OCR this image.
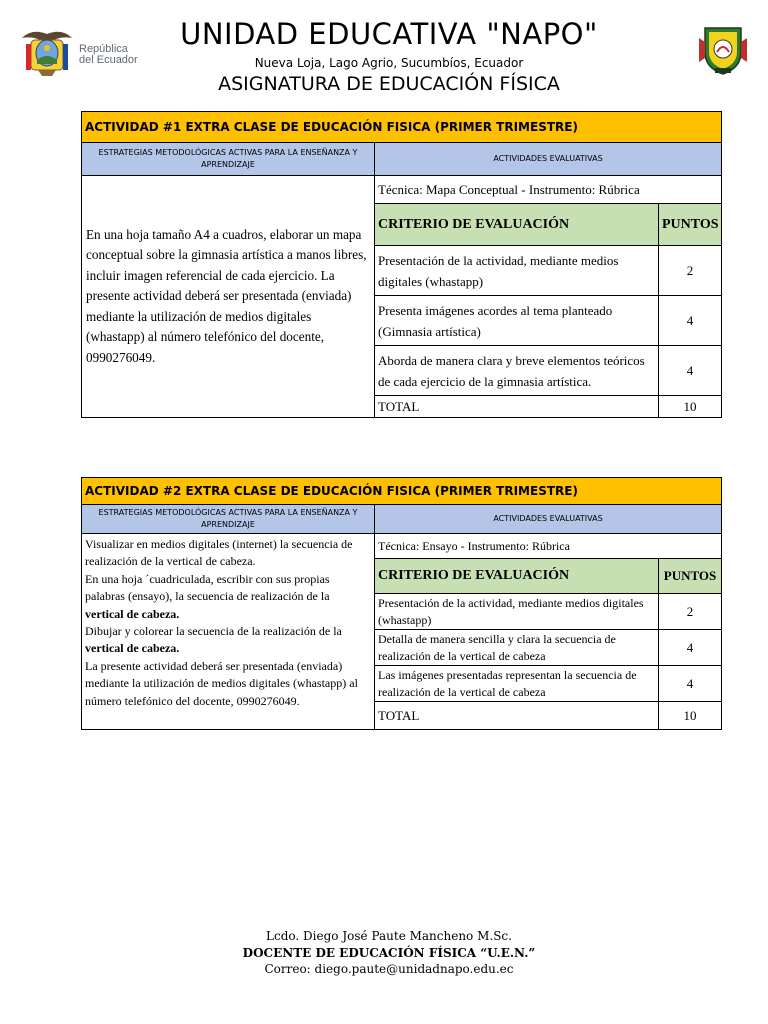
República
del Ecuador
UNIDAD EDUCATIVA "NAPO"
Nueva Loja, Lago Agrio, Sucumbíos, Ecuador
ASIGNATURA DE EDUCACIÓN FÍSICA
ACTIVIDAD #1 EXTRA CLASE DE EDUCACIÓN FISICA (PRIMER TRIMESTRE)		
ESTRATEGIAS METODOLÓGICAS ACTIVAS PARA LA ENSEÑANZA Y APRENDIZAJE	ACTIVIDADES EVALUATIVAS	
En una hoja tamaño A4 a cuadros, elaborar un mapa conceptual sobre la gimnasia artística a manos libres, incluir imagen referencial de cada ejercicio. La presente actividad deberá ser presentada (enviada) mediante la utilización de medios digitales (whastapp) al número telefónico del docente, 0990276049.	Técnica: Mapa Conceptual - Instrumento: Rúbrica	
	CRITERIO DE EVALUACIÓN	PUNTOS
	Presentación de la actividad, mediante medios digitales (whastapp)	2
	Presenta imágenes acordes al tema planteado (Gimnasia artística)	4
	Aborda de manera clara y breve elementos teóricos de cada ejercicio de la gimnasia artística.	4
	TOTAL	10
ACTIVIDAD #2 EXTRA CLASE DE EDUCACIÓN FISICA (PRIMER TRIMESTRE)		
ESTRATEGIAS METODOLÓGICAS ACTIVAS PARA LA ENSEÑANZA Y APRENDIZAJE	ACTIVIDADES EVALUATIVAS	

Visualizar en medios digitales (internet) la secuencia de realización de la vertical de cabeza.

En una hoja ´cuadriculada, escribir con sus propias palabras (ensayo), la secuencia de realización de la vertical de cabeza.

Dibujar y colorear la secuencia de la realización de la vertical de cabeza.

La presente actividad deberá ser presentada (enviada) mediante la utilización de medios digitales (whastapp) al número telefónico del docente, 0990276049.	Técnica: Ensayo - Instrumento: Rúbrica	
	CRITERIO DE EVALUACIÓN	PUNTOS
	Presentación de la actividad, mediante medios digitales (whastapp)	2
	Detalla de manera sencilla y clara la secuencia de realización de la vertical de cabeza	4
	Las imágenes presentadas representan la secuencia de realización de la vertical de cabeza	4
	TOTAL	10
Lcdo. Diego José Paute Mancheno M.Sc.
DOCENTE DE EDUCACIÓN FÍSICA “U.E.N.”
Correo: diego.paute@unidadnapo.edu.ec
